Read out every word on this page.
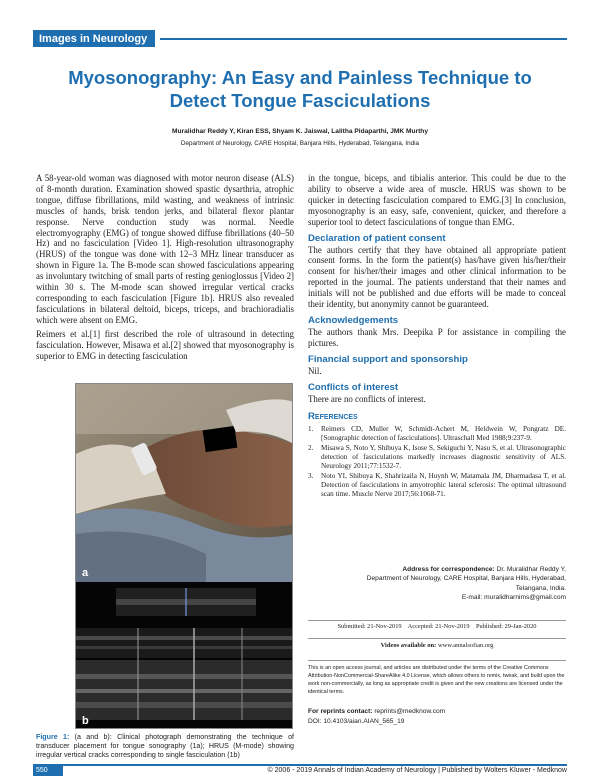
Images in Neurology
Myosonography: An Easy and Painless Technique to Detect Tongue Fasciculations
Muralidhar Reddy Y, Kiran ESS, Shyam K. Jaiswal, Lalitha Pidaparthi, JMK Murthy
Department of Neurology, CARE Hospital, Banjara Hills, Hyderabad, Telangana, India

A 58-year-old woman was diagnosed with motor neuron disease (ALS) of 8-month duration. Examination showed spastic dysarthria, atrophic tongue, diffuse fibrillations, mild wasting, and weakness of intrinsic muscles of hands, brisk tendon jerks, and bilateral flexor plantar response. Nerve conduction study was normal. Needle electromyography (EMG) of tongue showed diffuse fibrillations (40–50 Hz) and no fasciculation [Video 1]. High-resolution ultrasonography (HRUS) of the tongue was done with 12–3 MHz linear transducer as shown in Figure 1a. The B-mode scan showed fasciculations appearing as involuntary twitching of small parts of resting genioglossus [Video 2] within 30 s. The M-mode scan showed irregular vertical cracks corresponding to each fasciculation [Figure 1b]. HRUS also revealed fasciculations in bilateral deltoid, biceps, triceps, and brachioradialis which were absent on EMG.

Reimers et al.[1] first described the role of ultrasound in detecting fasciculation. However, Misawa et al.[2] showed that myosonography is superior to EMG in detecting fasciculation

a
b
Figure 1: (a and b): Clinical photograph demonstrating the technique of transducer placement for tongue sonography (1a); HRUS (M-mode) showing irregular vertical cracks corresponding to single fasciculation (1b)

in the tongue, biceps, and tibialis anterior. This could be due to the ability to observe a wide area of muscle. HRUS was shown to be quicker in detecting fasciculation compared to EMG.[3] In conclusion, myosonography is an easy, safe, convenient, quicker, and therefore a superior tool to detect fasciculations of tongue than EMG.

Declaration of patient consent

The authors certify that they have obtained all appropriate patient consent forms. In the form the patient(s) has/have given his/her/their consent for his/her/their images and other clinical information to be reported in the journal. The patients understand that their names and initials will not be published and due efforts will be made to conceal their identity, but anonymity cannot be guaranteed.

Acknowledgements

The authors thank Mrs. Deepika P for assistance in compiling the pictures.

Financial support and sponsorship

Nil.

Conflicts of interest

There are no conflicts of interest.

References
1.	Reimers CD, Muller W, Schmidt-Achert M, Heldwein W, Pongratz DE. [Sonographic detection of fasciculations]. Ultraschall Med 1988;9:237-9.
2.	Misawa S, Noto Y, Shibuya K, Isose S, Sekiguchi Y, Nasu S, et al. Ultrasonographic detection of fasciculations markedly increases diagnostic sensitivity of ALS. Neurology 2011;77:1532-7.
3.	Noto YI, Shibuya K, Shahrizaila N, Huynh W, Matamala JM, Dharmadasa T, et al. Detection of fasciculations in amyotrophic lateral sclerosis: The optimal ultrasound scan time. Muscle Nerve 2017;56:1068-71.
Address for correspondence: Dr. Muralidhar Reddy Y,
Department of Neurology, CARE Hospital, Banjara Hills, Hyderabad,
Telangana, India.
E-mail: muralidharnims@gmail.com
Submitted: 21-Nov-2019 Accepted: 21-Nov-2019 Published: 29-Jan-2020
Videos available on: www.annalsofian.org
This is an open access journal, and articles are distributed under the terms of the Creative Commons Attribution-NonCommercial-ShareAlike 4.0 License, which allows others to remix, tweak, and build upon the work non-commercially, as long as appropriate credit is given and the new creations are licensed under the identical terms.
For reprints contact: reprints@medknow.com
DOI: 10.4103/aian.AIAN_565_19
550	© 2006 - 2019 Annals of Indian Academy of Neurology | Published by Wolters Kluwer - Medknow
